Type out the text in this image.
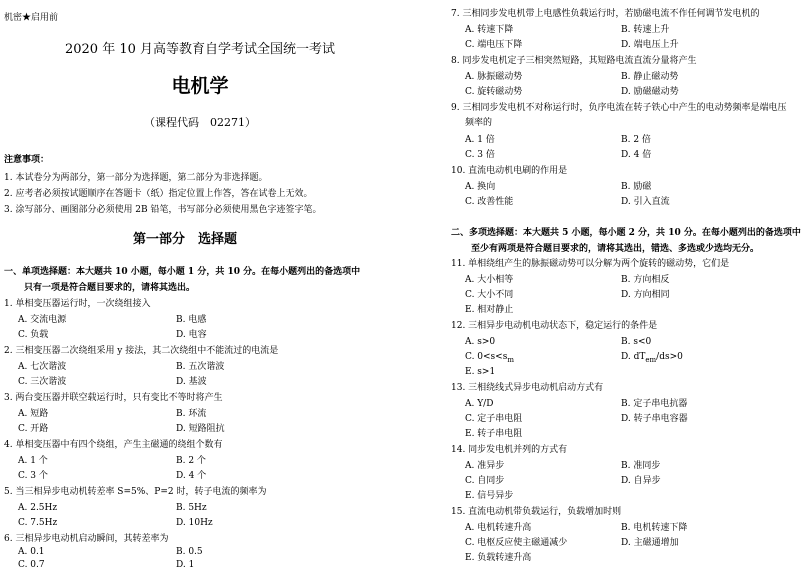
机密★启用前
2020 年 10 月高等教育自学考试全国统一考试
电机学
（课程代码　02271）
注意事项：
1. 本试卷分为两部分，第一部分为选择题，第二部分为非选择题。
2. 应考者必须按试题顺序在答题卡（纸）指定位置上作答，答在试卷上无效。
3. 涂写部分、画图部分必须使用 2B 铅笔，书写部分必须使用黑色字迹签字笔。
第一部分　选择题
一、单项选择题：本大题共 10 小题，每小题 1 分，共 10 分。在每小题列出的备选项中
只有一项是符合题目要求的，请将其选出。
1. 单相变压器运行时，一次绕组接入
A. 交流电源	B. 电感
C. 负载	D. 电容
2. 三相变压器二次绕组采用 y 接法，其二次绕组中不能流过的电流是
A. 七次谐波	B. 五次谐波
C. 三次谐波	D. 基波
3. 两台变压器并联空载运行时，只有变比不等时将产生
A. 短路	B. 环流
C. 开路	D. 短路阻抗
4. 单相变压器中有四个绕组，产生主磁通的绕组个数有
A. 1 个	B. 2 个
C. 3 个	D. 4 个
5. 当三相异步电动机转差率 S=5%、P=2 时，转子电流的频率为
A. 2.5Hz	B. 5Hz
C. 7.5Hz	D. 10Hz
6. 三相异步电动机启动瞬间，其转差率为
A. 0.1	B. 0.5
C. 0.7	D. 1
7. 三相同步发电机带上电感性负载运行时，若励磁电流不作任何调节发电机的
A. 转速下降	B. 转速上升
C. 端电压下降	D. 端电压上升
8. 同步发电机定子三相突然短路，其短路电流直流分量将产生
A. 脉振磁动势	B. 静止磁动势
C. 旋转磁动势	D. 励磁磁动势
9. 三相同步发电机不对称运行时，负序电流在转子铁心中产生的电动势频率是端电压
频率的
A. 1 倍	B. 2 倍
C. 3 倍	D. 4 倍
10. 直流电动机电刷的作用是
A. 换向	B. 励磁
C. 改善性能	D. 引入直流
二、多项选择题：本大题共 5 小题，每小题 2 分，共 10 分。在每小题列出的备选项中
至少有两项是符合题目要求的，请将其选出，错选、多选或少选均无分。
11. 单相绕组产生的脉振磁动势可以分解为两个旋转的磁动势，它们是
A. 大小相等	B. 方向相反
C. 大小不同	D. 方向相同
E. 相对静止
12. 三相异步电动机电动状态下，稳定运行的条件是
A. s>0	B. s<0
C. $0<s<s_m$	D. $dT_{em}/ds>0$
E. s>1
13. 三相绕线式异步电动机启动方式有
A. Y/D	B. 定子串电抗器
C. 定子串电阻	D. 转子串电容器
E. 转子串电阻
14. 同步发电机并列的方式有
A. 准异步	B. 准同步
C. 自同步	D. 自异步
E. 信号异步
15. 直流电动机带负载运行，负载增加时则
A. 电机转速升高	B. 电机转速下降
C. 电枢反应使主磁通减少	D. 主磁通增加
E. 负载转速升高
